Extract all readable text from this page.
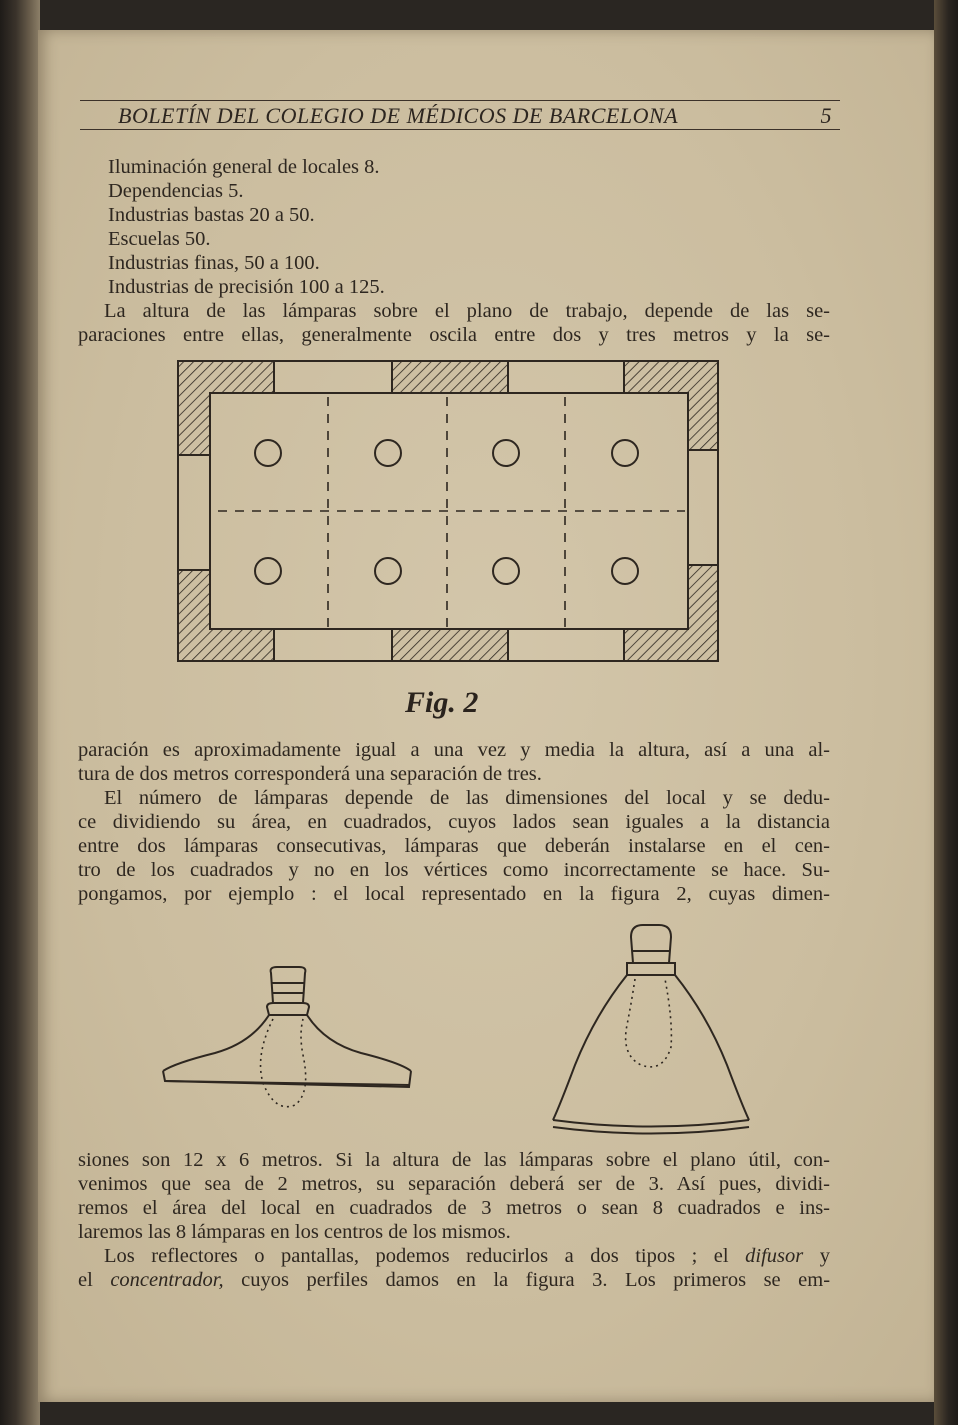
BOLETÍN DEL COLEGIO DE MÉDICOS DE BARCELONA	5
Iluminación general de locales 8.
Dependencias 5.
Industrias bastas 20 a 50.
Escuelas 50.
Industrias finas, 50 a 100.
Industrias de precisión 100 a 125.
La altura de las lámparas sobre el plano de trabajo, depende de las se-
paraciones entre ellas, generalmente oscila entre dos y tres metros y la se-
Fig. 2
paración es aproximadamente igual a una vez y media la altura, así a una al-
tura de dos metros corresponderá una separación de tres.
El número de lámparas depende de las dimensiones del local y se dedu-
ce dividiendo su área, en cuadrados, cuyos lados sean iguales a la distancia
entre dos lámparas consecutivas, lámparas que deberán instalarse en el cen-
tro de los cuadrados y no en los vértices como incorrectamente se hace. Su-
pongamos, por ejemplo : el local representado en la figura 2, cuyas dimen-
siones son 12 x 6 metros. Si la altura de las lámparas sobre el plano útil, con-
venimos que sea de 2 metros, su separación deberá ser de 3. Así pues, dividi-
remos el área del local en cuadrados de 3 metros o sean 8 cuadrados e ins-
laremos las 8 lámparas en los centros de los mismos.
Los reflectores o pantallas, podemos reducirlos a dos tipos ; el difusor y
el concentrador, cuyos perfiles damos en la figura 3. Los primeros se em-
